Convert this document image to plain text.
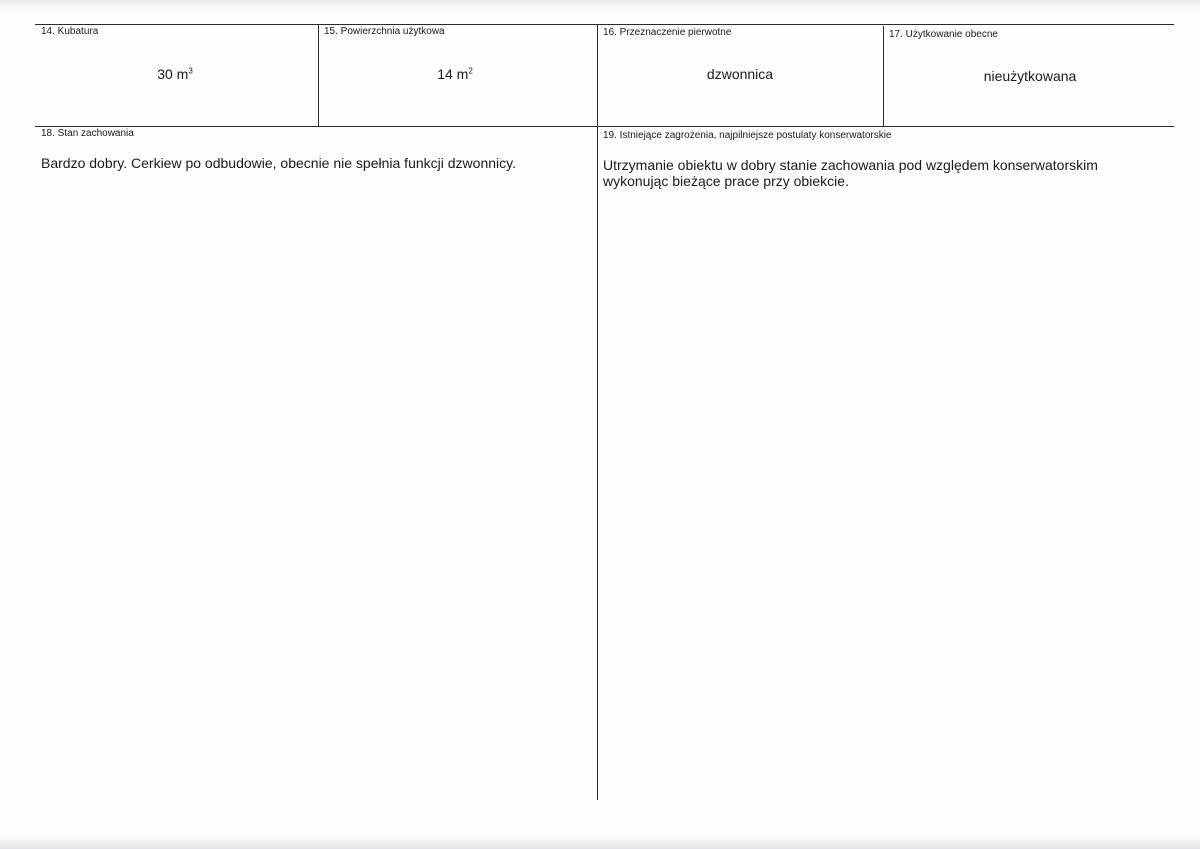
14. Kubatura
30 $m^3$
15. Powierzchnia użytkowa
14 $m^2$
16. Przeznaczenie pierwotne
dzwonnica
17. Użytkowanie obecne
nieużytkowana
18. Stan zachowania
Bardzo dobry. Cerkiew po odbudowie, obecnie nie spełnia funkcji dzwonnicy.
19. Istniejące zagrożenia, najpilniejsze postulaty konserwatorskie
Utrzymanie obiektu w dobry stanie zachowania pod względem konserwatorskim
wykonując bieżące prace przy obiekcie.
